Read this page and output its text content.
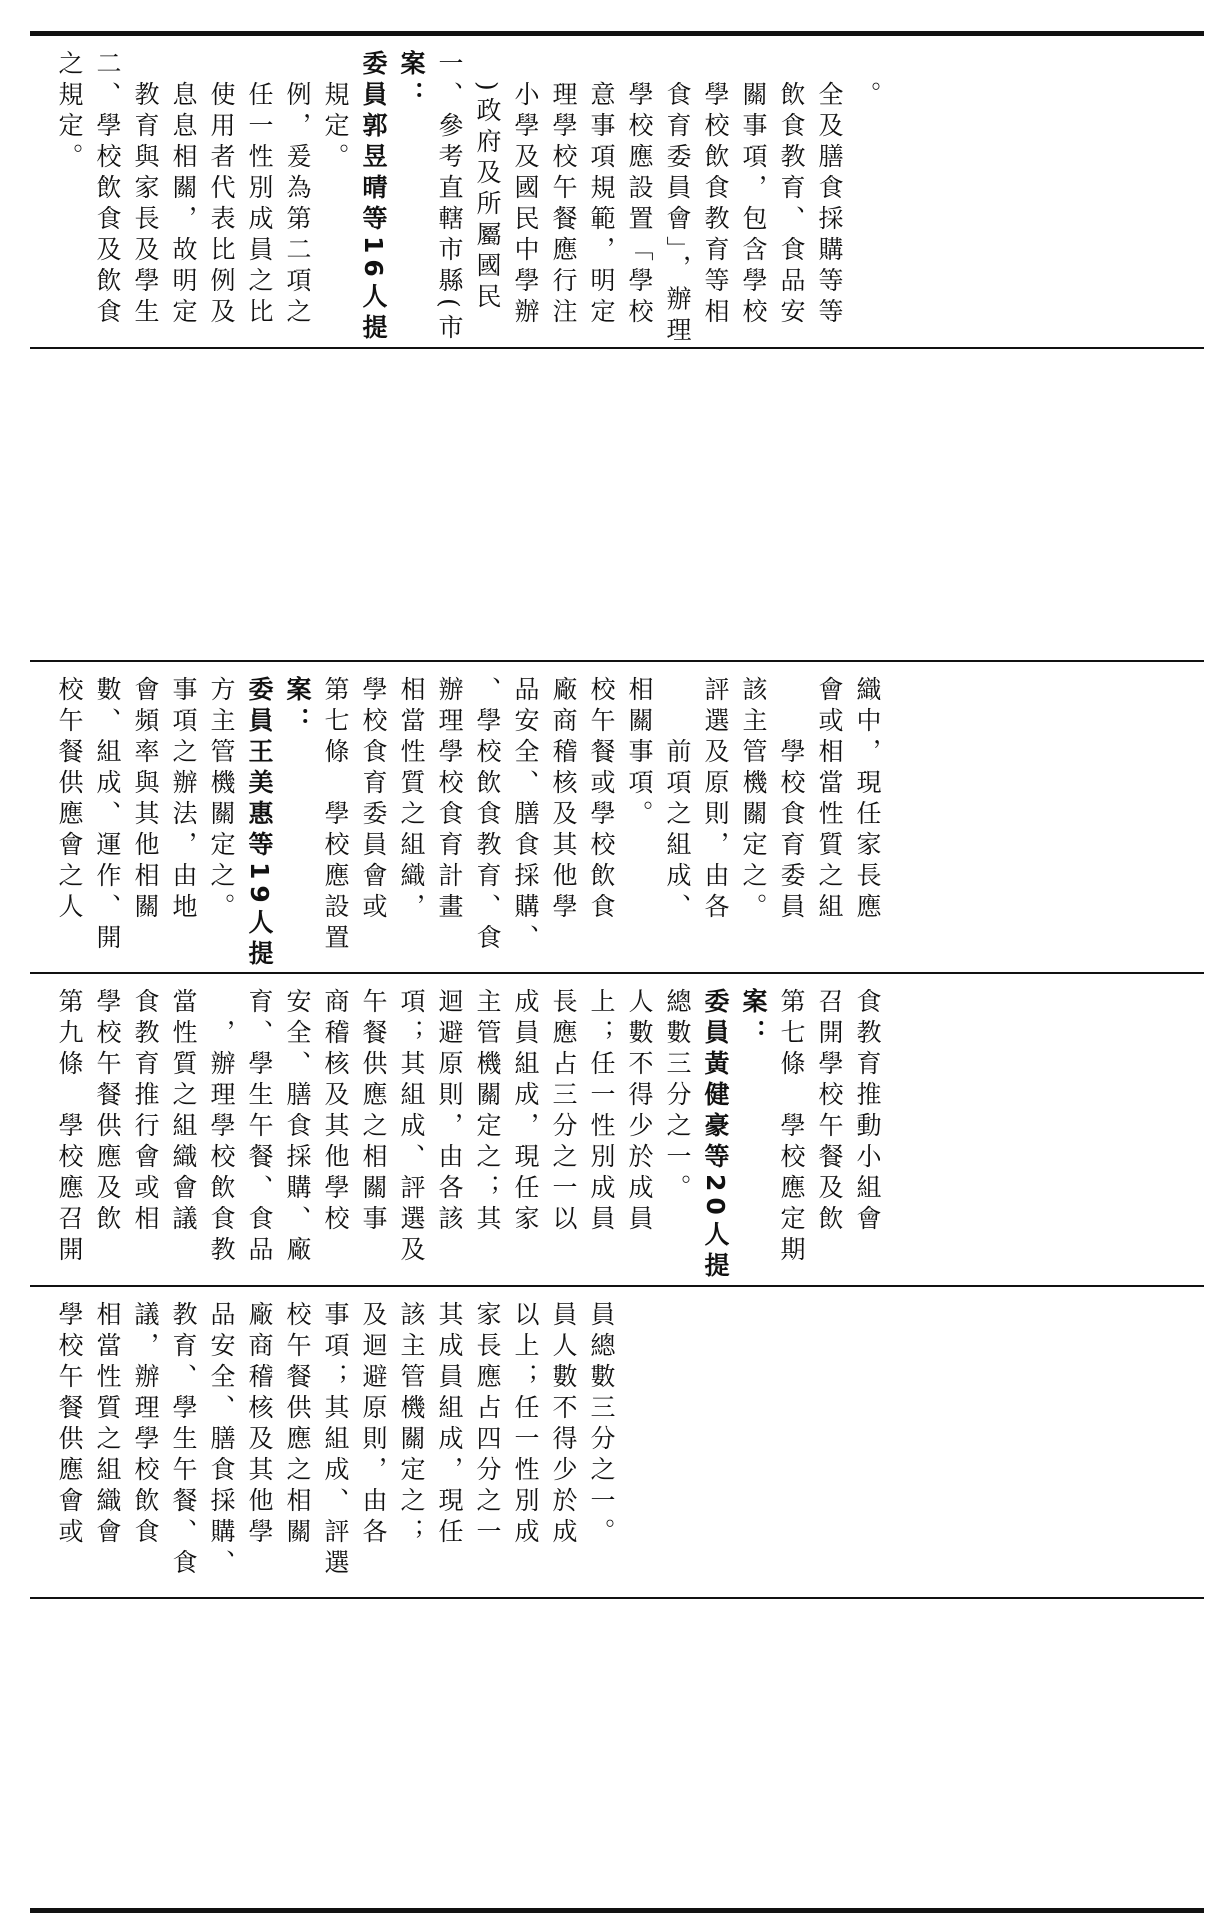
之規定。 二、學校飲食及飲食 　教育與家長及學生 　息息相關，故明定 　使用者代表比例及 　任一性別成員之比 　例，爰為第二項之 　規定。 委員郭昱晴等16人提 案： 一、參考直轄市縣(市 　)政府及所屬國民 　小學及國民中學辦 　理學校午餐應行注 　意事項規範，明定 　學校應設置「學校 　食育委員會」，辦理 　學校飲食教育等相 　關事項，包含學校 　飲食教育、食品安 　全及膳食採購等等 　。
校午餐供應會之人 數、組成、運作、開 會頻率與其他相關 事項之辦法，由地 方主管機關定之。 委員王美惠等19人提 案： 第七條　學校應設置 學校食育委員會或 相當性質之組織， 辦理學校食育計畫 、學校飲食教育、食 品安全、膳食採購、 廠商稽核及其他學 校午餐或學校飲食 相關事項。 　　前項之組成、 評選及原則，由各 該主管機關定之。 　　學校食育委員 會或相當性質之組 織中，現任家長應
第九條　學校應召開 學校午餐供應及飲 食教育推行會或相 當性質之組織會議 　，辦理學校飲食教 育、學生午餐、食品 安全、膳食採購、廠 商稽核及其他學校 午餐供應之相關事 項；其組成、評選及 迴避原則，由各該 主管機關定之；其 成員組成，現任家 長應占三分之一以 上；任一性別成員 人數不得少於成員 總數三分之一。 委員黃健豪等20人提 案： 第七條　學校應定期 召開學校午餐及飲 食教育推動小組會
學校午餐供應會或 相當性質之組織會 議，辦理學校飲食 教育、學生午餐、食 品安全、膳食採購、 廠商稽核及其他學 校午餐供應之相關 事項；其組成、評選 及迴避原則，由各 該主管機關定之； 其成員組成，現任 家長應占四分之一 以上；任一性別成 員人數不得少於成 員總數三分之一。
